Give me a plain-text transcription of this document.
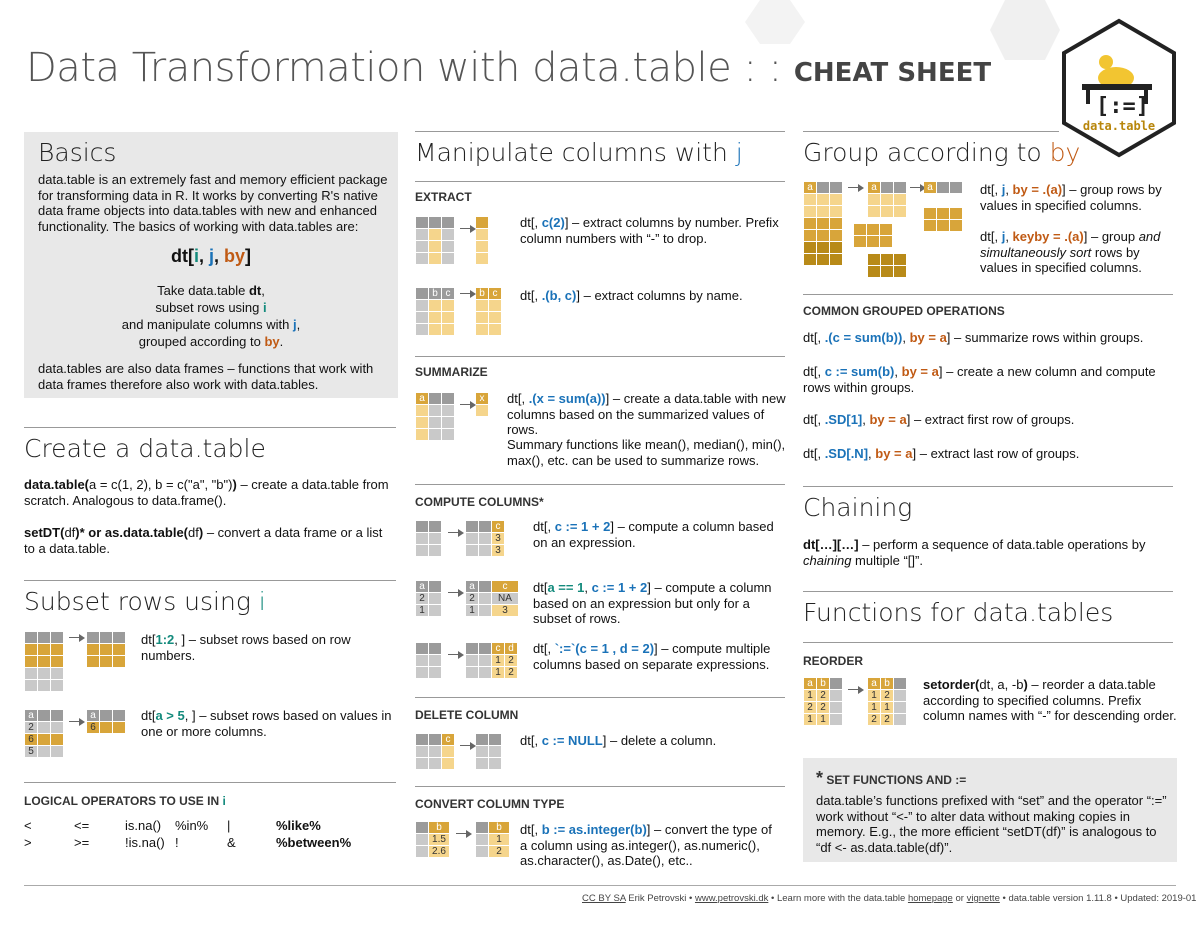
Data Transformation with data.table : : CHEAT SHEET
[:=]
data.table
Basics
data.table is an extremely fast and memory efficient package for transforming data in R. It works by converting R's native data frame objects into data.tables with new and enhanced functionality. The basics of working with data.tables are:
dt[i, j, by]
Take data.table dt,
subset rows using i
and manipulate columns with j,
grouped according to by.
data.tables are also data frames – functions that work with data frames therefore also work with data.tables.
Create a data.table
data.table(a = c(1, 2), b = c("a", "b")) – create a data.table from scratch. Analogous to data.frame().
setDT(df)* or as.data.table(df) – convert a data frame or a list to a data.table.
Subset rows using i
dt[1:2, ] – subset rows based on row numbers.
a
2
6
5
a
6
dt[a > 5, ] – subset rows based on values in one or more columns.
LOGICAL OPERATORS TO USE IN i
<	<=	is.na() %in% |	%like%
>	>=	!is.na() !	&	%between%
Manipulate columns with j
EXTRACT
dt[, c(2)] – extract columns by number. Prefix column numbers with “-” to drop.
b c	b c dt[, .(b, c)] – extract columns by name.
SUMMARIZE
a	x dt[, .(x = sum(a))] – create a data.table with new columns based on the summarized values of rows.
Summary functions like mean(), median(), min(), max(), etc. can be used to summarize rows.
COMPUTE COLUMNS*
c
3
3
dt[, c := 1 + 2] – compute a column based on an expression.
a
2
1
a	c
2	NA
1	3
dt[a == 1, c := 1 + 2] – compute a column based on an expression but only for a subset of rows.
c d
1 2
1 2
dt[, `:=`(c = 1 , d = 2)] – compute multiple columns based on separate expressions.
DELETE COLUMN
c	dt[, c := NULL] – delete a column.
CONVERT COLUMN TYPE
b
1.5
2.6
b
1
2
dt[, b := as.integer(b)] – convert the type of a column using as.integer(), as.numeric(), as.character(), as.Date(), etc..
Group according to by
a	a	a	dt[, j, by = .(a)] – group rows by values in specified columns.
dt[, j, keyby = .(a)] – group and simultaneously sort rows by values in specified columns.
COMMON GROUPED OPERATIONS
dt[, .(c = sum(b)), by = a] – summarize rows within groups.
dt[, c := sum(b), by = a] – create a new column and compute rows within groups.
dt[, .SD[1], by = a] – extract first row of groups.
dt[, .SD[.N], by = a] – extract last row of groups.
Chaining
dt[…][…] – perform a sequence of data.table operations by chaining multiple “[]”.
Functions for data.tables
REORDER
a b
1 2
2 2
1 1
a b
1 2
1 1
2 2
setorder(dt, a, -b) – reorder a data.table according to specified columns. Prefix column names with “-” for descending order.
* SET FUNCTIONS AND :=
data.table’s functions prefixed with “set” and the operator “:=” work without “<-” to alter data without making copies in memory. E.g., the more efficient “setDT(df)” is analogous to “df <- as.data.table(df)”.
CC BY SA Erik Petrovski • www.petrovski.dk • Learn more with the data.table homepage or vignette • data.table version 1.11.8 • Updated: 2019-01
